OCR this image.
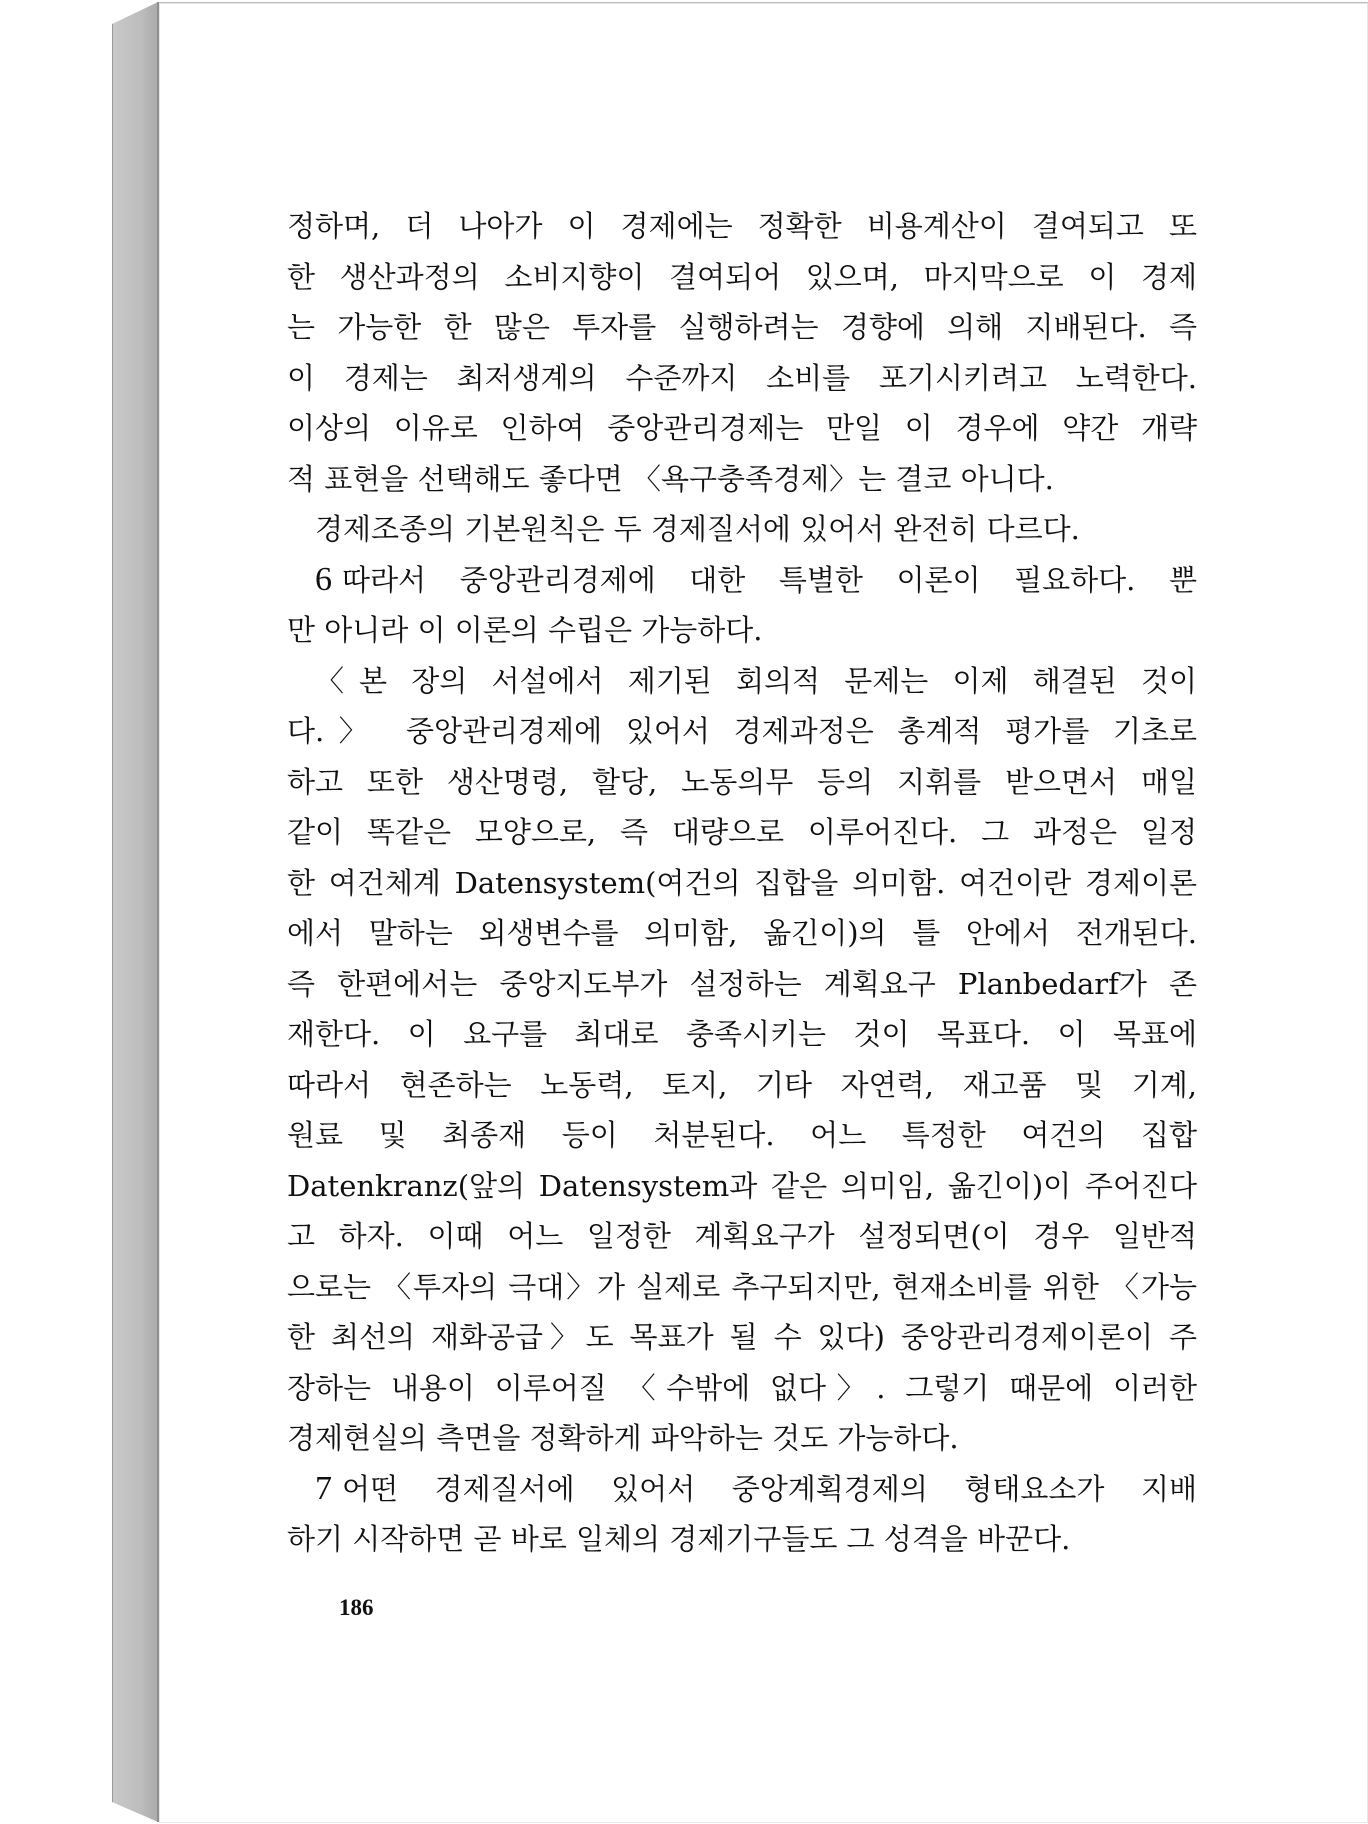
정하며, 더 나아가 이 경제에는 정확한 비용계산이 결여되고 또

한 생산과정의 소비지향이 결여되어 있으며, 마지막으로 이 경제

는 가능한 한 많은 투자를 실행하려는 경향에 의해 지배된다. 즉

이 경제는 최저생계의 수준까지 소비를 포기시키려고 노력한다.

이상의 이유로 인하여 중앙관리경제는 만일 이 경우에 약간 개략

적 표현을 선택해도 좋다면 〈욕구충족경제〉는 결코 아니다.

경제조종의 기본원칙은 두 경제질서에 있어서 완전히 다르다.

6 따라서 중앙관리경제에 대한 특별한 이론이 필요하다. 뿐

만 아니라 이 이론의 수립은 가능하다.

〈본 장의 서설에서 제기된 회의적 문제는 이제 해결된 것이

다.〉 중앙관리경제에 있어서 경제과정은 총계적 평가를 기초로

하고 또한 생산명령, 할당, 노동의무 등의 지휘를 받으면서 매일

같이 똑같은 모양으로, 즉 대량으로 이루어진다. 그 과정은 일정

한 여건체계 Datensystem(여건의 집합을 의미함. 여건이란 경제이론

에서 말하는 외생변수를 의미함, 옮긴이)의 틀 안에서 전개된다.

즉 한편에서는 중앙지도부가 설정하는 계획요구 Planbedarf가 존

재한다. 이 요구를 최대로 충족시키는 것이 목표다. 이 목표에

따라서 현존하는 노동력, 토지, 기타 자연력, 재고품 및 기계,

원료 및 최종재 등이 처분된다. 어느 특정한 여건의 집합

Datenkranz(앞의 Datensystem과 같은 의미임, 옮긴이)이 주어진다

고 하자. 이때 어느 일정한 계획요구가 설정되면(이 경우 일반적

으로는 〈투자의 극대〉가 실제로 추구되지만, 현재소비를 위한 〈가능

한 최선의 재화공급〉도 목표가 될 수 있다) 중앙관리경제이론이 주

장하는 내용이 이루어질 〈수밖에 없다〉. 그렇기 때문에 이러한

경제현실의 측면을 정확하게 파악하는 것도 가능하다.

7 어떤 경제질서에 있어서 중앙계획경제의 형태요소가 지배

하기 시작하면 곧 바로 일체의 경제기구들도 그 성격을 바꾼다.

186
